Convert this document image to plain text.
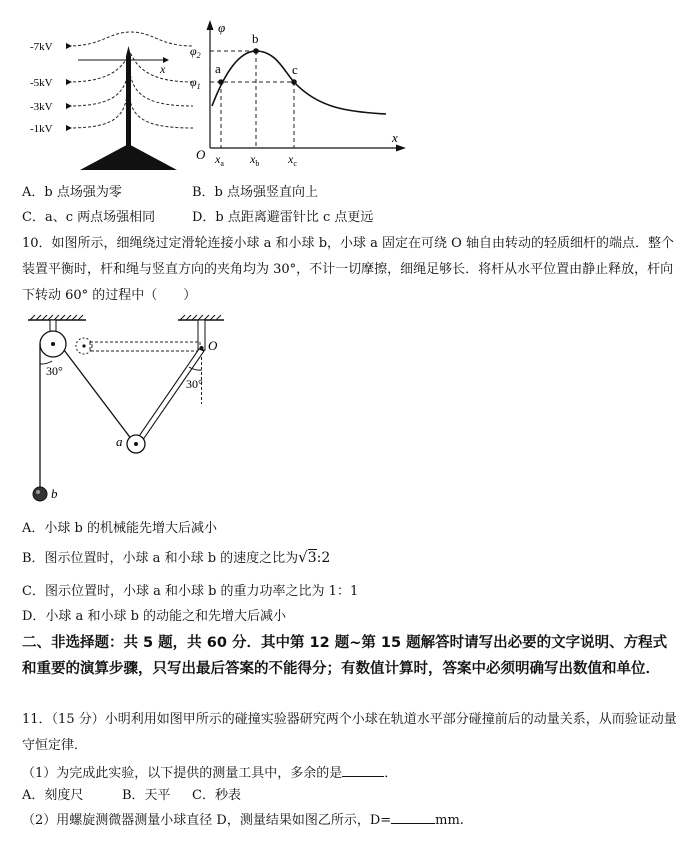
x
-7kV
-5kV
-3kV
-1kV
φ
x
O
a
b
c
$\varphi_2$
$\varphi_1$
$x_a$ $x_b$ $x_c$
A．b 点场强为零	B．b 点场强竖直向上
C．a、c 两点场强相同	D．b 点距离避雷针比 c 点更远
10．如图所示，细绳绕过定滑轮连接小球 a 和小球 b，小球 a 固定在可绕 O 轴自由转动的轻质细杆的端点．整个装置平衡时，杆和绳与竖直方向的夹角均为 30°，不计一切摩擦，细绳足够长．将杆从水平位置由静止释放，杆向下转动 60° 的过程中（　　）
O
a
30°
30°
b
A．小球 b 的机械能先增大后减小
B．图示位置时，小球 a 和小球 b 的速度之比为√3:2
C．图示位置时，小球 a 和小球 b 的重力功率之比为 1：1
D．小球 a 和小球 b 的动能之和先增大后减小
二、非选择题：共 5 题，共 60 分．其中第 12 题~第 15 题解答时请写出必要的文字说明、方程式和重要的演算步骤，只写出最后答案的不能得分；有数值计算时，答案中必须明确写出数值和单位．
11．（15 分）小明利用如图甲所示的碰撞实验器研究两个小球在轨道水平部分碰撞前后的动量关系，从而验证动量守恒定律．
（1）为完成此实验，以下提供的测量工具中，多余的是	．
A．刻度尺	B．天平 C．秒表
（2）用螺旋测微器测量小球直径 D，测量结果如图乙所示，D=	mm.
